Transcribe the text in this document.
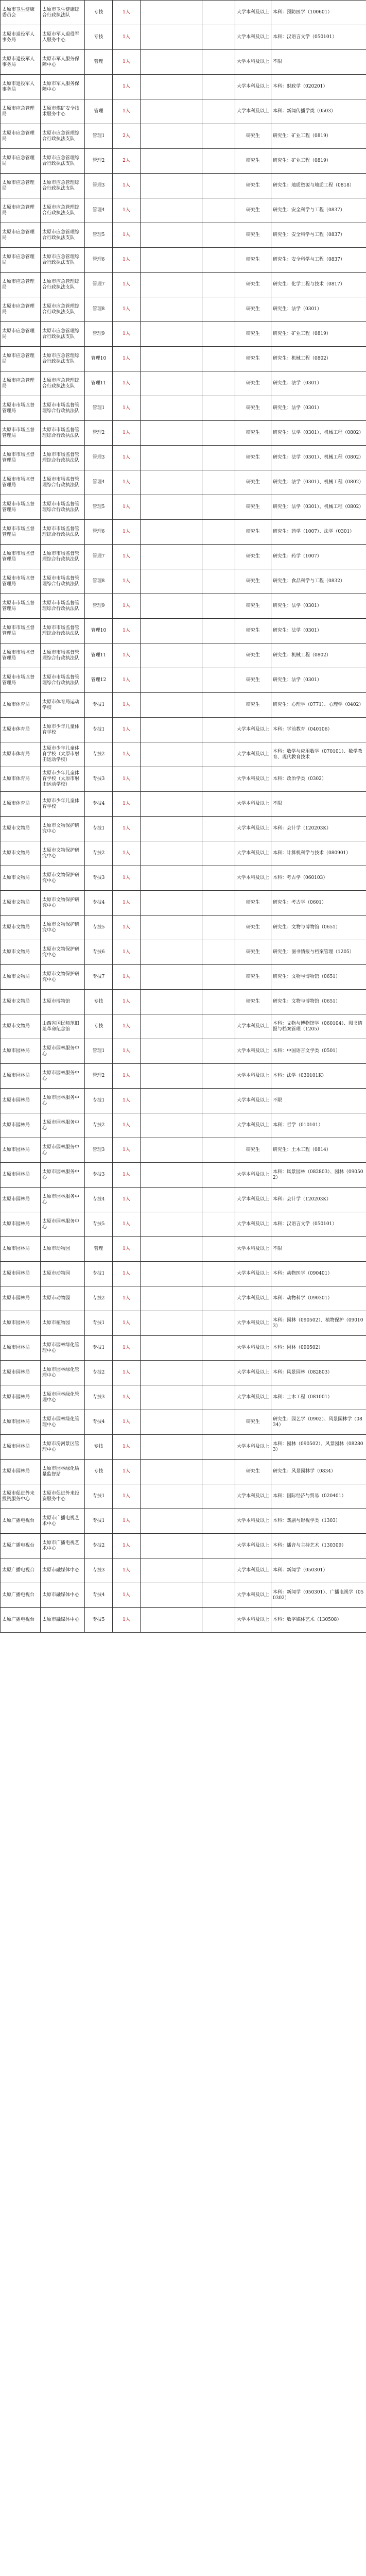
太原市卫生健康委员会	太原市卫生健康综合行政执法队	专技	1人			大学本科及以上	本科：预防医学（100601）
太原市退役军人事务局	太原市军人退役军人服务中心	专技	1人			大学本科及以上	本科：汉语言文学（050101）
太原市退役军人事务局	太原市军人服务保障中心	管理	1人			大学本科及以上	不限
太原市退役军人事务局	太原市军人服务保障中心		1人			大学本科及以上	本科：财政学（020201）
太原市应急管理局	太原市煤矿安全技术服务中心	管理	1人			大学本科及以上	本科：新闻传播学类（0503）
太原市应急管理局	太原市应急管理综合行政执法支队	管理1	2人			研究生	研究生：矿业工程（0819）
太原市应急管理局	太原市应急管理综合行政执法支队	管理2	2人			研究生	研究生：矿业工程（0819）
太原市应急管理局	太原市应急管理综合行政执法支队	管理3	1人			研究生	研究生：地质资源与地质工程（0818）
太原市应急管理局	太原市应急管理综合行政执法支队	管理4	1人			研究生	研究生：安全科学与工程（0837）
太原市应急管理局	太原市应急管理综合行政执法支队	管理5	1人			研究生	研究生：安全科学与工程（0837）
太原市应急管理局	太原市应急管理综合行政执法支队	管理6	1人			研究生	研究生：安全科学与工程（0837）
太原市应急管理局	太原市应急管理综合行政执法支队	管理7	1人			研究生	研究生：化学工程与技术（0817）
太原市应急管理局	太原市应急管理综合行政执法支队	管理8	1人			研究生	研究生：法学（0301）
太原市应急管理局	太原市应急管理综合行政执法支队	管理9	1人			研究生	研究生：矿业工程（0819）
太原市应急管理局	太原市应急管理综合行政执法支队	管理10	1人			研究生	研究生：机械工程（0802）
太原市应急管理局	太原市应急管理综合行政执法支队	管理11	1人			研究生	研究生：法学（0301）
太原市市场监督管理局	太原市市场监督管理综合行政执法队	管理1	1人			研究生	研究生：法学（0301）
太原市市场监督管理局	太原市市场监督管理综合行政执法队	管理2	1人			研究生	研究生：法学（0301）、机械工程（0802）
太原市市场监督管理局	太原市市场监督管理综合行政执法队	管理3	1人			研究生	研究生：法学（0301）、机械工程（0802）
太原市市场监督管理局	太原市市场监督管理综合行政执法队	管理4	1人			研究生	研究生：法学（0301）、机械工程（0802）
太原市市场监督管理局	太原市市场监督管理综合行政执法队	管理5	1人			研究生	研究生：法学（0301）、机械工程（0802）
太原市市场监督管理局	太原市市场监督管理综合行政执法队	管理6	1人			研究生	研究生：药学（1007）、法学（0301）
太原市市场监督管理局	太原市市场监督管理综合行政执法队	管理7	1人			研究生	研究生：药学（1007）
太原市市场监督管理局	太原市市场监督管理综合行政执法队	管理8	1人			研究生	研究生：食品科学与工程（0832）
太原市市场监督管理局	太原市市场监督管理综合行政执法队	管理9	1人			研究生	研究生：法学（0301）
太原市市场监督管理局	太原市市场监督管理综合行政执法队	管理10	1人			研究生	研究生：法学（0301）
太原市市场监督管理局	太原市市场监督管理综合行政执法队	管理11	1人			研究生	研究生：机械工程（0802）
太原市市场监督管理局	太原市市场监督管理综合行政执法队	管理12	1人			研究生	研究生：法学（0301）
太原市体育局	太原市体育局运动学校	专技1	1人			研究生	研究生：心理学（0771）、心理学（0402）
太原市体育局	太原市少年儿童体育学校	专技1	1人			大学本科及以上	本科：学前教育（040106）
太原市体育局	太原市少年儿童体育学校（太原市射击运动学校）	专技2	1人			大学本科及以上	本科：数学与应用数学（070101）、数学教育、现代教育技术
太原市体育局	太原市少年儿童体育学校（太原市射击运动学校）	专技3	1人			大学本科及以上	本科：政治学类（0302）
太原市体育局	太原市少年儿童体育学校	专技4	1人			大学本科及以上	不限
太原市文物局	太原市文物保护研究中心	专技1	1人			大学本科及以上	本科：会计学（120203K）
太原市文物局	太原市文物保护研究中心	专技2	1人			大学本科及以上	本科：计算机科学与技术（080901）
太原市文物局	太原市文物保护研究中心	专技3	1人			大学本科及以上	本科：考古学（060103）
太原市文物局	太原市文物保护研究中心	专技4	1人			研究生	研究生：考古学（0601）
太原市文物局	太原市文物保护研究中心	专技5	1人			研究生	研究生：文物与博物馆（0651）
太原市文物局	太原市文物保护研究中心	专技6	1人			研究生	研究生：图书情报与档案管理（1205）
太原市文物局	太原市文物保护研究中心	专技7	1人			研究生	研究生：文物与博物馆（0651）
太原市文物局	太原市博物馆	专技	1人			研究生	研究生：文物与博物馆（0651）
太原市文物局	山西省国民师范旧址革命纪念馆	专技	1人			大学本科及以上	本科：文物与博物馆学（060104）、图书情报与档案管理（1205）
太原市园林局	太原市园林服务中心	管理1	1人			大学本科及以上	本科：中国语言文学类（0501）
太原市园林局	太原市园林服务中心	管理2	1人			大学本科及以上	本科：法学（030101K）
太原市园林局	太原市园林服务中心	专技1	1人			大学本科及以上	不限
太原市园林局	太原市园林服务中心	专技2	1人			大学本科及以上	本科：哲学（010101）
太原市园林局	太原市园林服务中心	管理3	1人			研究生	研究生：土木工程（0814）
太原市园林局	太原市园林服务中心	专技3	1人			大学本科及以上	本科：风景园林（082803）、园林（090502）
太原市园林局	太原市园林服务中心	专技4	1人			大学本科及以上	本科：会计学（120203K）
太原市园林局	太原市园林服务中心	专技5	1人			大学本科及以上	本科：汉语言文学（050101）
太原市园林局	太原市动物园	管理	1人			大学本科及以上	不限
太原市园林局	太原市动物园	专技1	1人			大学本科及以上	本科：动物医学（090401）
太原市园林局	太原市动物园	专技2	1人			大学本科及以上	本科：动物科学（090301）
太原市园林局	太原市植物园	专技1	1人			大学本科及以上	本科：园林（090502）、植物保护（090103）
太原市园林局	太原市园林绿化管理中心	专技1	1人			大学本科及以上	本科：园林（090502）
太原市园林局	太原市园林绿化管理中心	专技2	1人			大学本科及以上	本科：风景园林（082803）
太原市园林局	太原市园林绿化管理中心	专技3	1人			大学本科及以上	本科：土木工程（081001）
太原市园林局	太原市园林绿化管理中心	专技4	1人			研究生	研究生：园艺学（0902）、风景园林学（0834）
太原市园林局	太原市汾河景区管理中心	专技	1人			大学本科及以上	本科：园林（090502）、风景园林（082803）
太原市园林局	太原市园林绿化质量监督站	专技	1人			研究生	研究生：风景园林学（0834）
太原市促进外来投资服务中心	太原市促进外来投资服务中心	专技1	1人			大学本科及以上	本科：国际经济与贸易（020401）
太原广播电视台	太原市广播电视艺术中心	专技1	1人			大学本科及以上	本科：戏剧与影视学类（1303）
太原广播电视台	太原市广播电视艺术中心	专技2	1人			大学本科及以上	本科：播音与主持艺术（130309）
太原广播电视台	太原市融媒体中心	专技3	1人			大学本科及以上	本科：新闻学（050301）
太原广播电视台	太原市融媒体中心	专技4	1人			大学本科及以上	本科：新闻学（050301）、广播电视学（050302）
太原广播电视台	太原市融媒体中心	专技5	1人			大学本科及以上	本科：数字媒体艺术（130508）
